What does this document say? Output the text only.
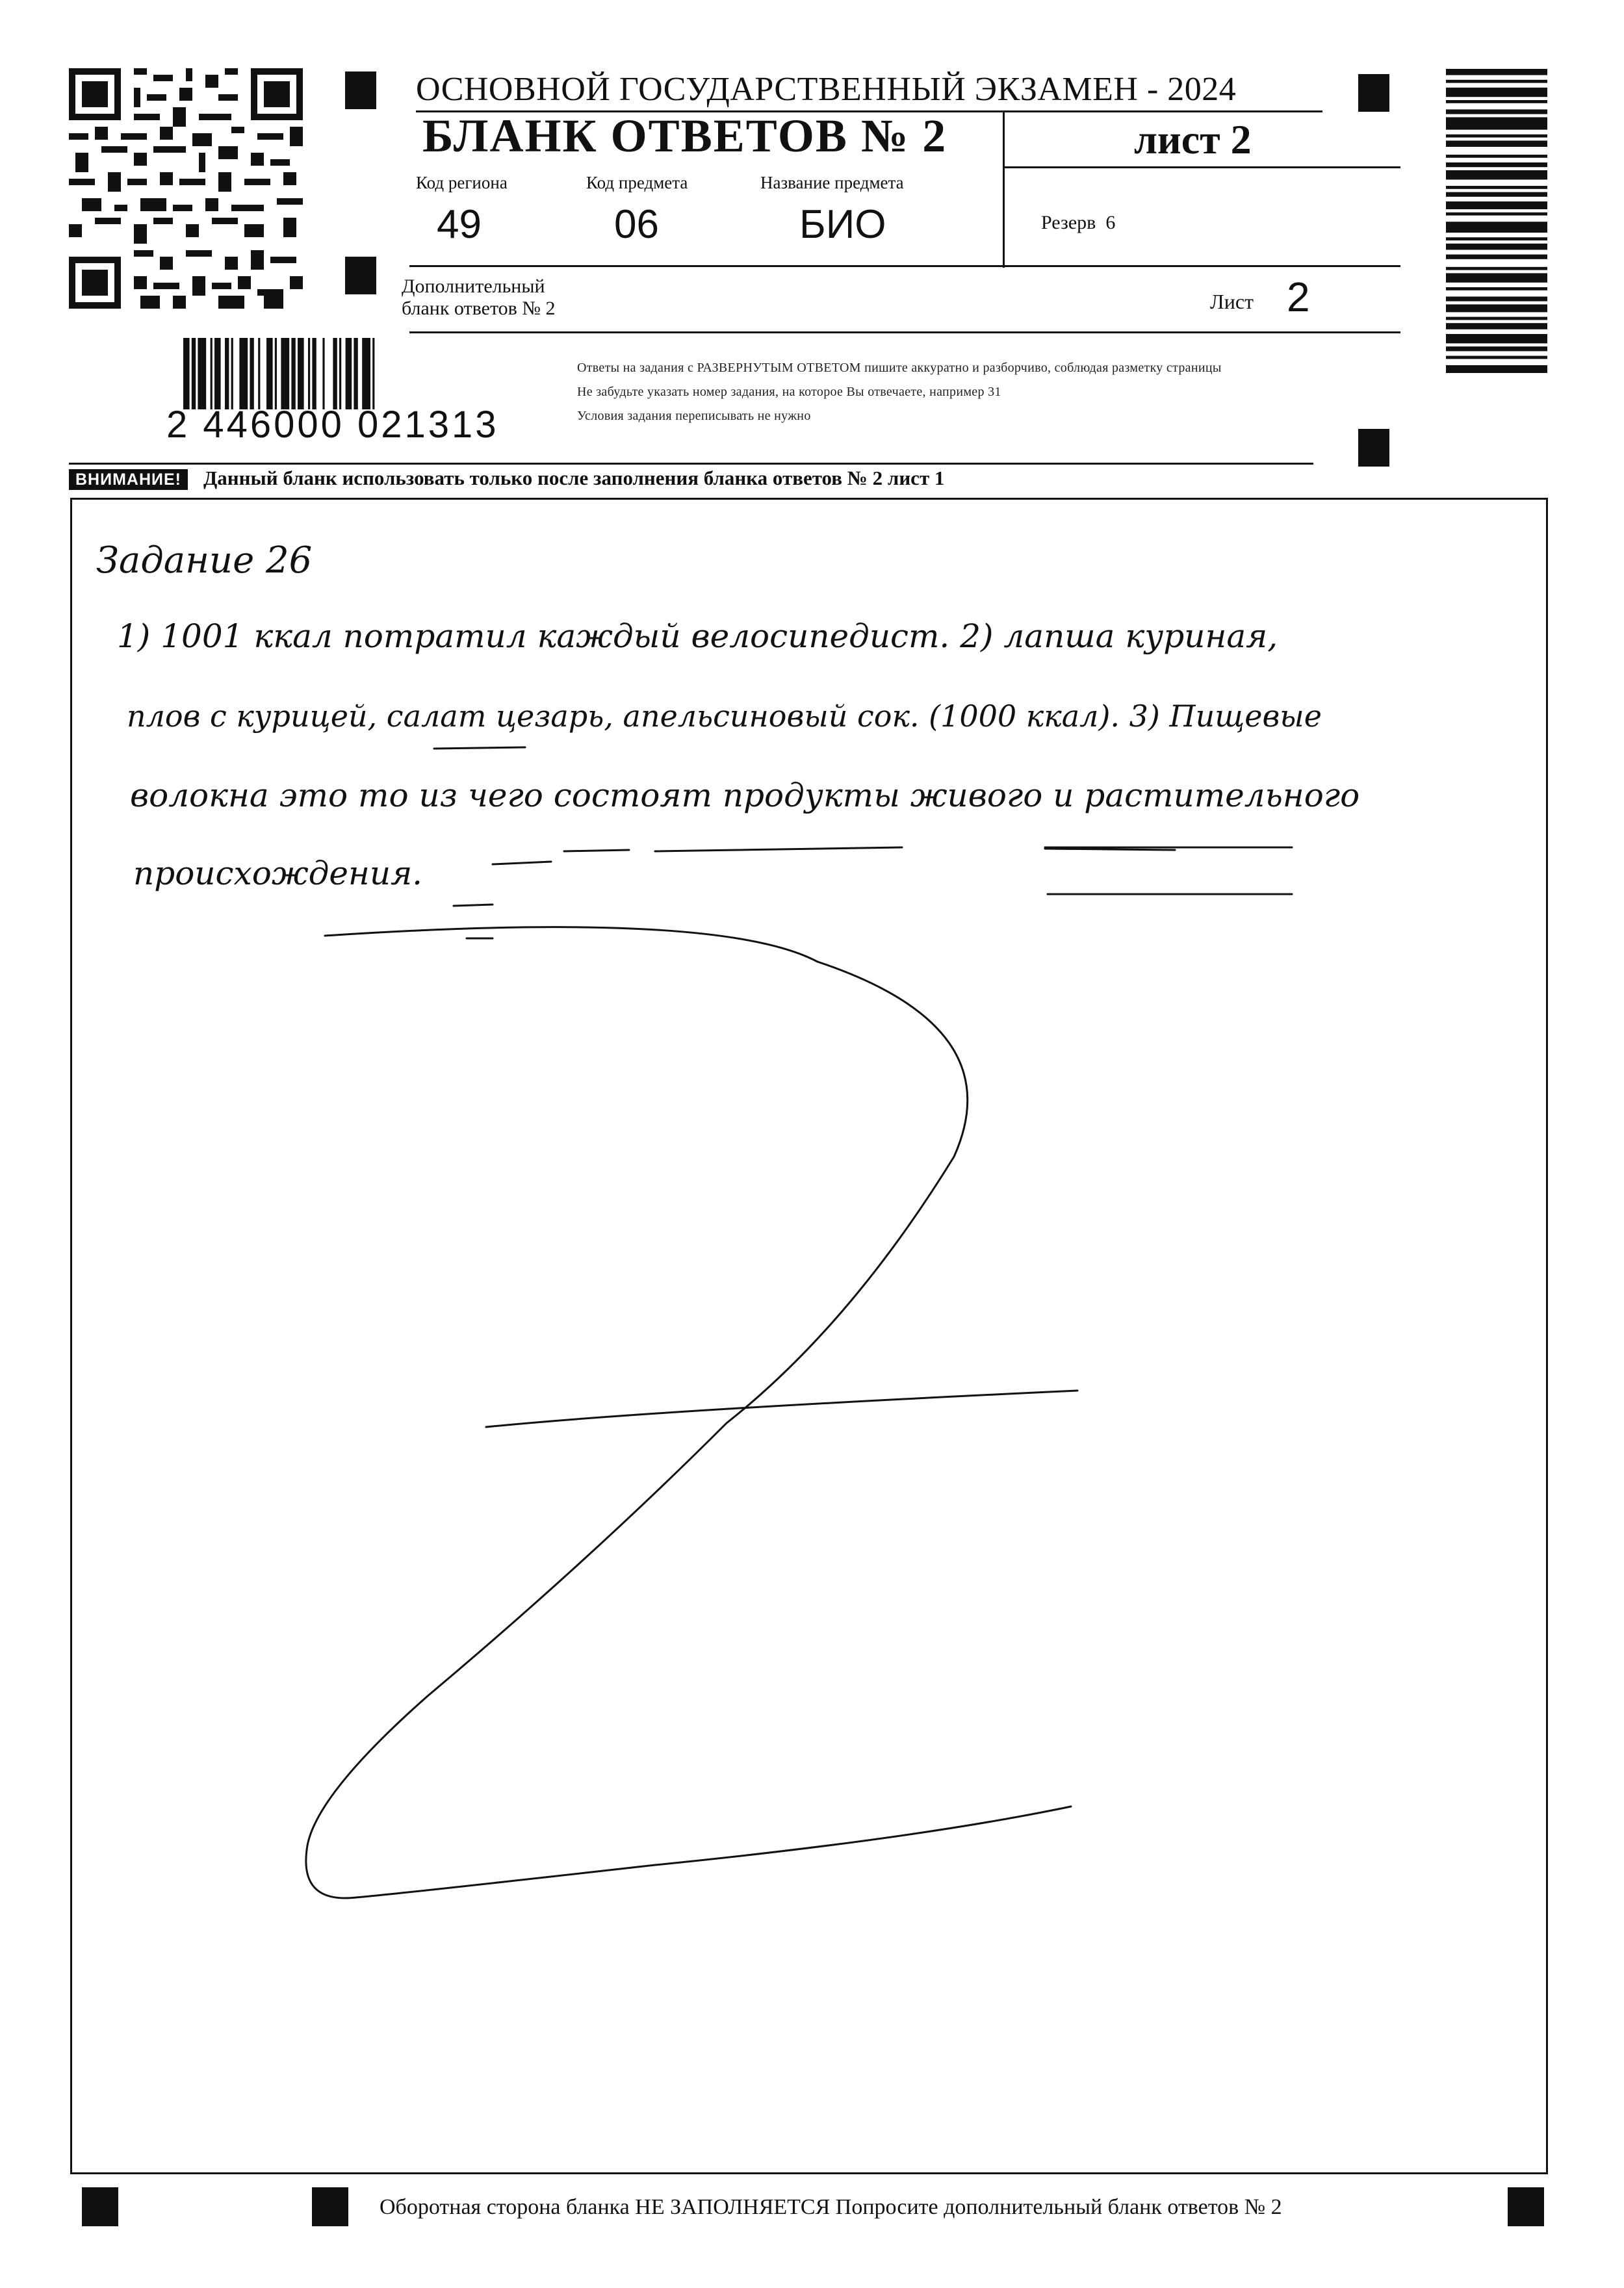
ОСНОВНОЙ ГОСУДАРСТВЕННЫЙ ЭКЗАМЕН - 2024
БЛАНК ОТВЕТОВ № 2	лист 2
Код региона
49
Код предмета
06
Название предмета
БИО	Резерв 6
Дополнительный
бланк ответов № 2	Лист 2
2 446000 021313
Ответы на задания с РАЗВЕРНУТЫМ ОТВЕТОМ пишите аккуратно и разборчиво, соблюдая разметку страницы
Не забудьте указать номер задания, на которое Вы отвечаете, например 31
Условия задания переписывать не нужно
ВНИМАНИЕ! Данный бланк использовать только после заполнения бланка ответов № 2 лист 1
Задание 26
1) 1001 ккал потратил каждый велосипедист. 2) лапша куриная,
плов с курицей, салат цезарь, апельсиновый сок. (1000 ккал). 3) Пищевые
волокна это то из чего состоят продукты живого и растительного
происхождения.
Оборотная сторона бланка НЕ ЗАПОЛНЯЕТСЯ Попросите дополнительный бланк ответов № 2
